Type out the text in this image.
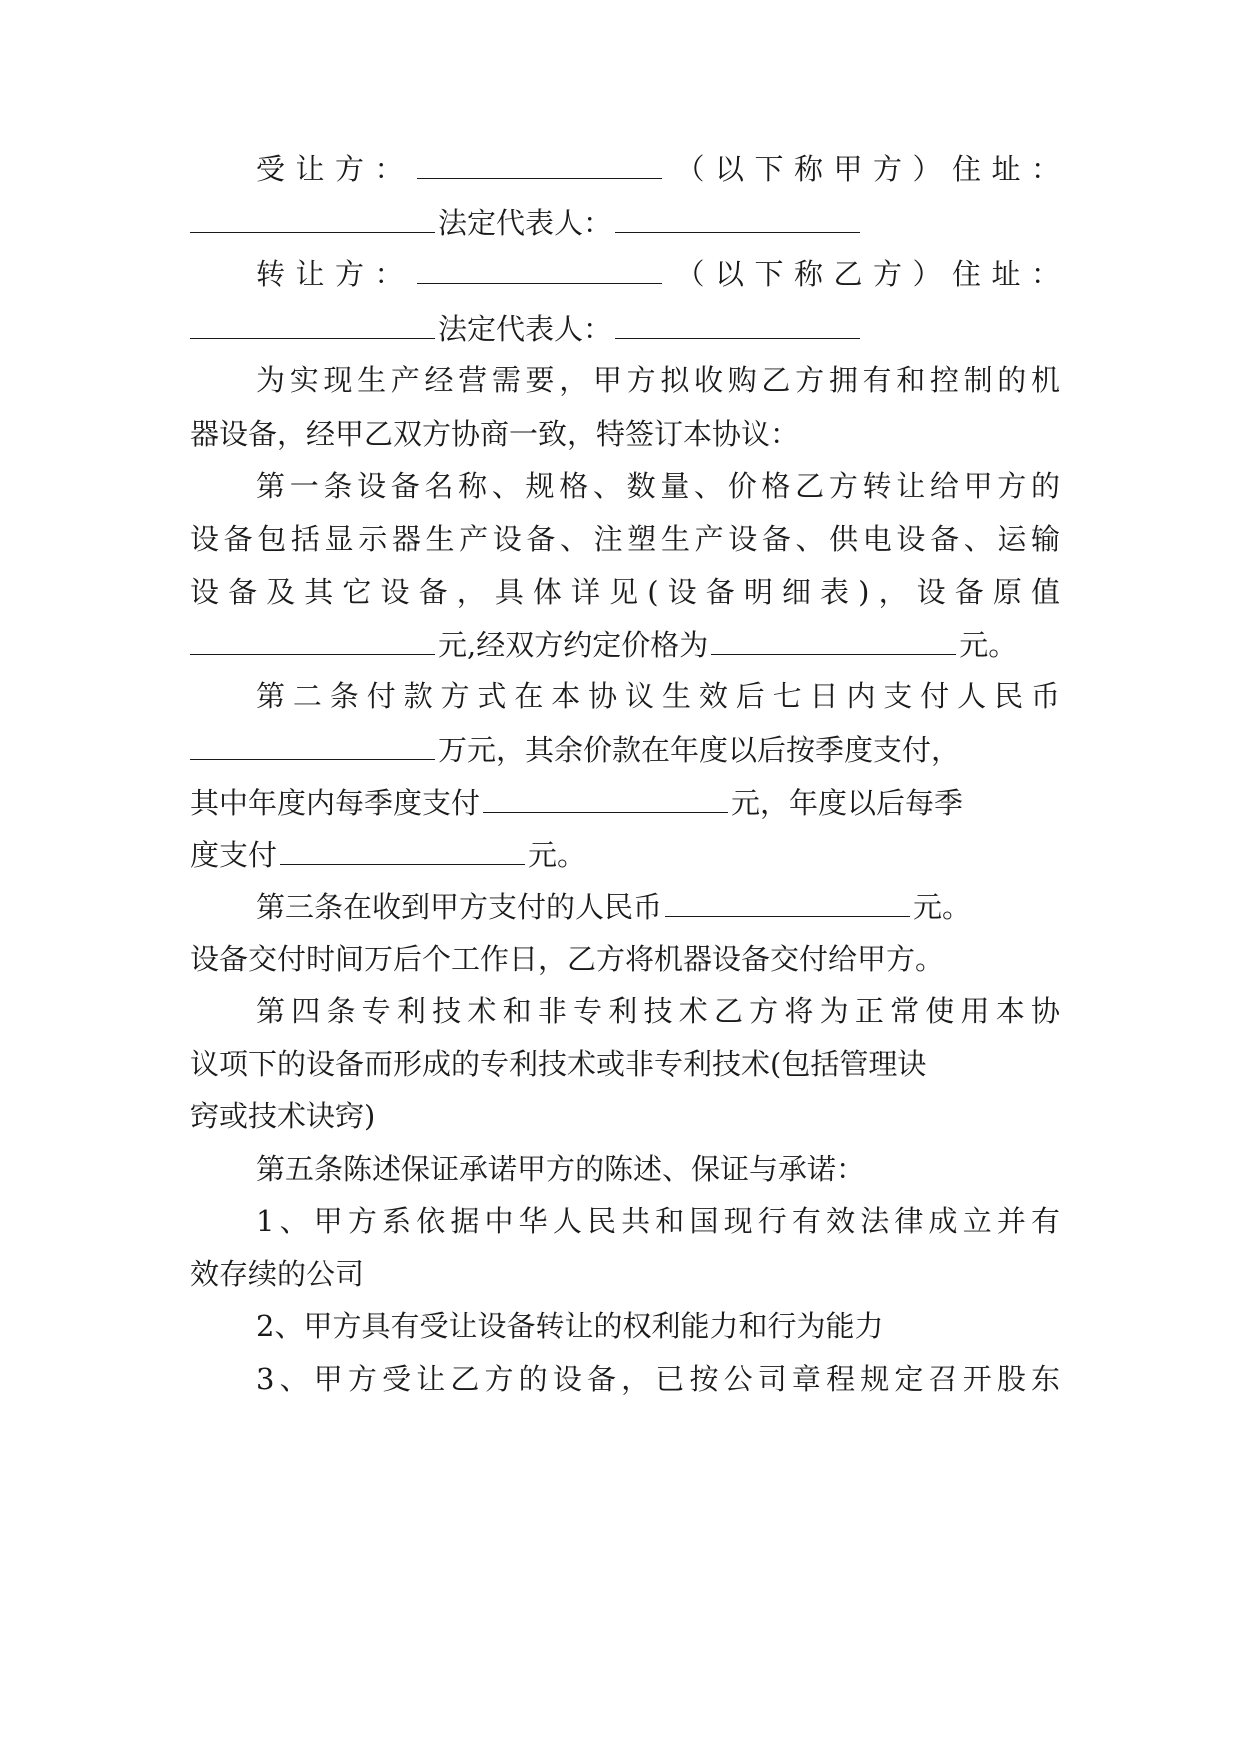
受让方：	（以下称甲方）住址：
法定代表人：
转让方：	（以下称乙方）住址：
法定代表人：
为实现生产经营需要，甲方拟收购乙方拥有和控制的机
器设备，经甲乙双方协商一致，特签订本协议：
第一条设备名称、规格、数量、价格乙方转让给甲方的
设备包括显示器生产设备、注塑生产设备、供电设备、运输
设备及其它设备，具体详见(设备明细表)，设备原值
元,经双方约定价格为	元。
第二条付款方式在本协议生效后七日内支付人民币
万元，其余价款在年度以后按季度支付，
其中年度内每季度支付	元，年度以后每季
度支付	元。
第三条在收到甲方支付的人民币	元。
设备交付时间万后个工作日，乙方将机器设备交付给甲方。
第四条专利技术和非专利技术乙方将为正常使用本协
议项下的设备而形成的专利技术或非专利技术(包括管理诀
窍或技术诀窍)
第五条陈述保证承诺甲方的陈述、保证与承诺：
1、甲方系依据中华人民共和国现行有效法律成立并有
效存续的公司
2、甲方具有受让设备转让的权利能力和行为能力
3、甲方受让乙方的设备，已按公司章程规定召开股东
